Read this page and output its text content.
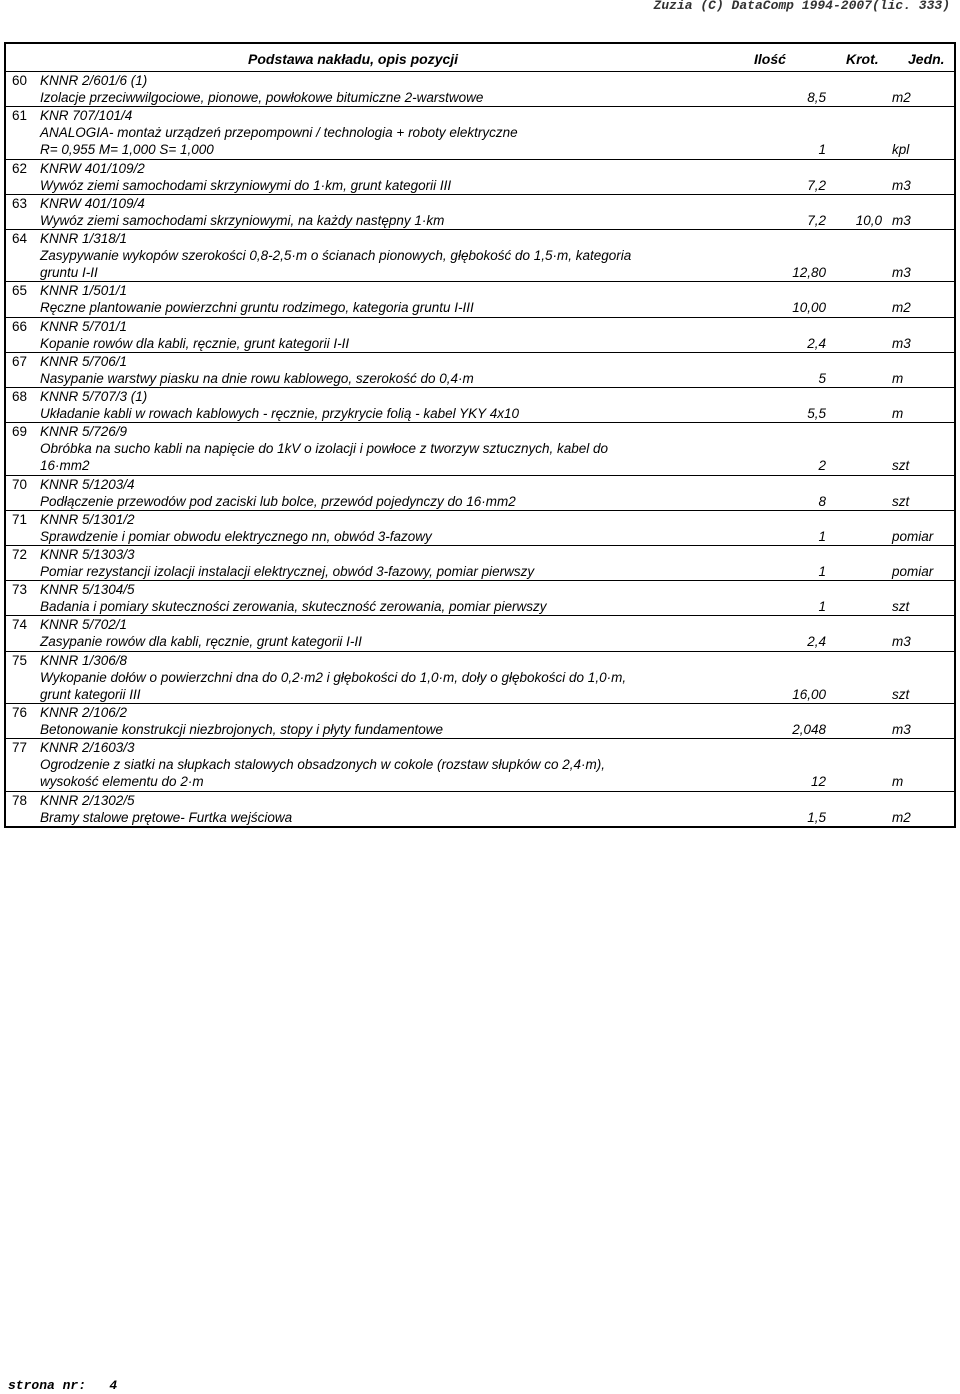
Zuzia (C) DataComp 1994-2007(lic. 333)
Podstawa nakładu, opis pozycji	Ilość	Krot. Jedn.
60 KNNR 2/601/6 (1)
Izolacje przeciwwilgociowe, pionowe, powłokowe bitumiczne 2-warstwowe	8,5	m2
61 KNR 707/101/4
ANALOGIA- montaż urządzeń przepompowni / technologia + roboty elektryczne
R= 0,955 M= 1,000 S= 1,000	1	kpl
62 KNRW 401/109/2
Wywóz ziemi samochodami skrzyniowymi do 1·km, grunt kategorii III	7,2	m3
63 KNRW 401/109/4
Wywóz ziemi samochodami skrzyniowymi, na każdy następny 1·km	7,2 10,0 m3
64 KNNR 1/318/1
Zasypywanie wykopów szerokości 0,8-2,5·m o ścianach pionowych, głębokość do 1,5·m, kategoria
gruntu I-II	12,80	m3
65 KNNR 1/501/1
Ręczne plantowanie powierzchni gruntu rodzimego, kategoria gruntu I-III	10,00	m2
66 KNNR 5/701/1
Kopanie rowów dla kabli, ręcznie, grunt kategorii I-II	2,4	m3
67 KNNR 5/706/1
Nasypanie warstwy piasku na dnie rowu kablowego, szerokość do 0,4·m	5	m
68 KNNR 5/707/3 (1)
Układanie kabli w rowach kablowych - ręcznie, przykrycie folią - kabel YKY 4x10	5,5	m
69 KNNR 5/726/9
Obróbka na sucho kabli na napięcie do 1kV o izolacji i powłoce z tworzyw sztucznych, kabel do
16·mm2	2	szt
70 KNNR 5/1203/4
Podłączenie przewodów pod zaciski lub bolce, przewód pojedynczy do 16·mm2	8	szt
71 KNNR 5/1301/2
Sprawdzenie i pomiar obwodu elektrycznego nn, obwód 3-fazowy	1	pomiar
72 KNNR 5/1303/3
Pomiar rezystancji izolacji instalacji elektrycznej, obwód 3-fazowy, pomiar pierwszy	1	pomiar
73 KNNR 5/1304/5
Badania i pomiary skuteczności zerowania, skuteczność zerowania, pomiar pierwszy	1	szt
74 KNNR 5/702/1
Zasypanie rowów dla kabli, ręcznie, grunt kategorii I-II	2,4	m3
75 KNNR 1/306/8
Wykopanie dołów o powierzchni dna do 0,2·m2 i głębokości do 1,0·m, doły o głębokości do 1,0·m,
grunt kategorii III	16,00	szt
76 KNNR 2/106/2
Betonowanie konstrukcji niezbrojonych, stopy i płyty fundamentowe	2,048	m3
77 KNNR 2/1603/3
Ogrodzenie z siatki na słupkach stalowych obsadzonych w cokole (rozstaw słupków co 2,4·m),
wysokość elementu do 2·m	12	m
78 KNNR 2/1302/5
Bramy stalowe prętowe- Furtka wejściowa	1,5	m2
strona nr: 4
